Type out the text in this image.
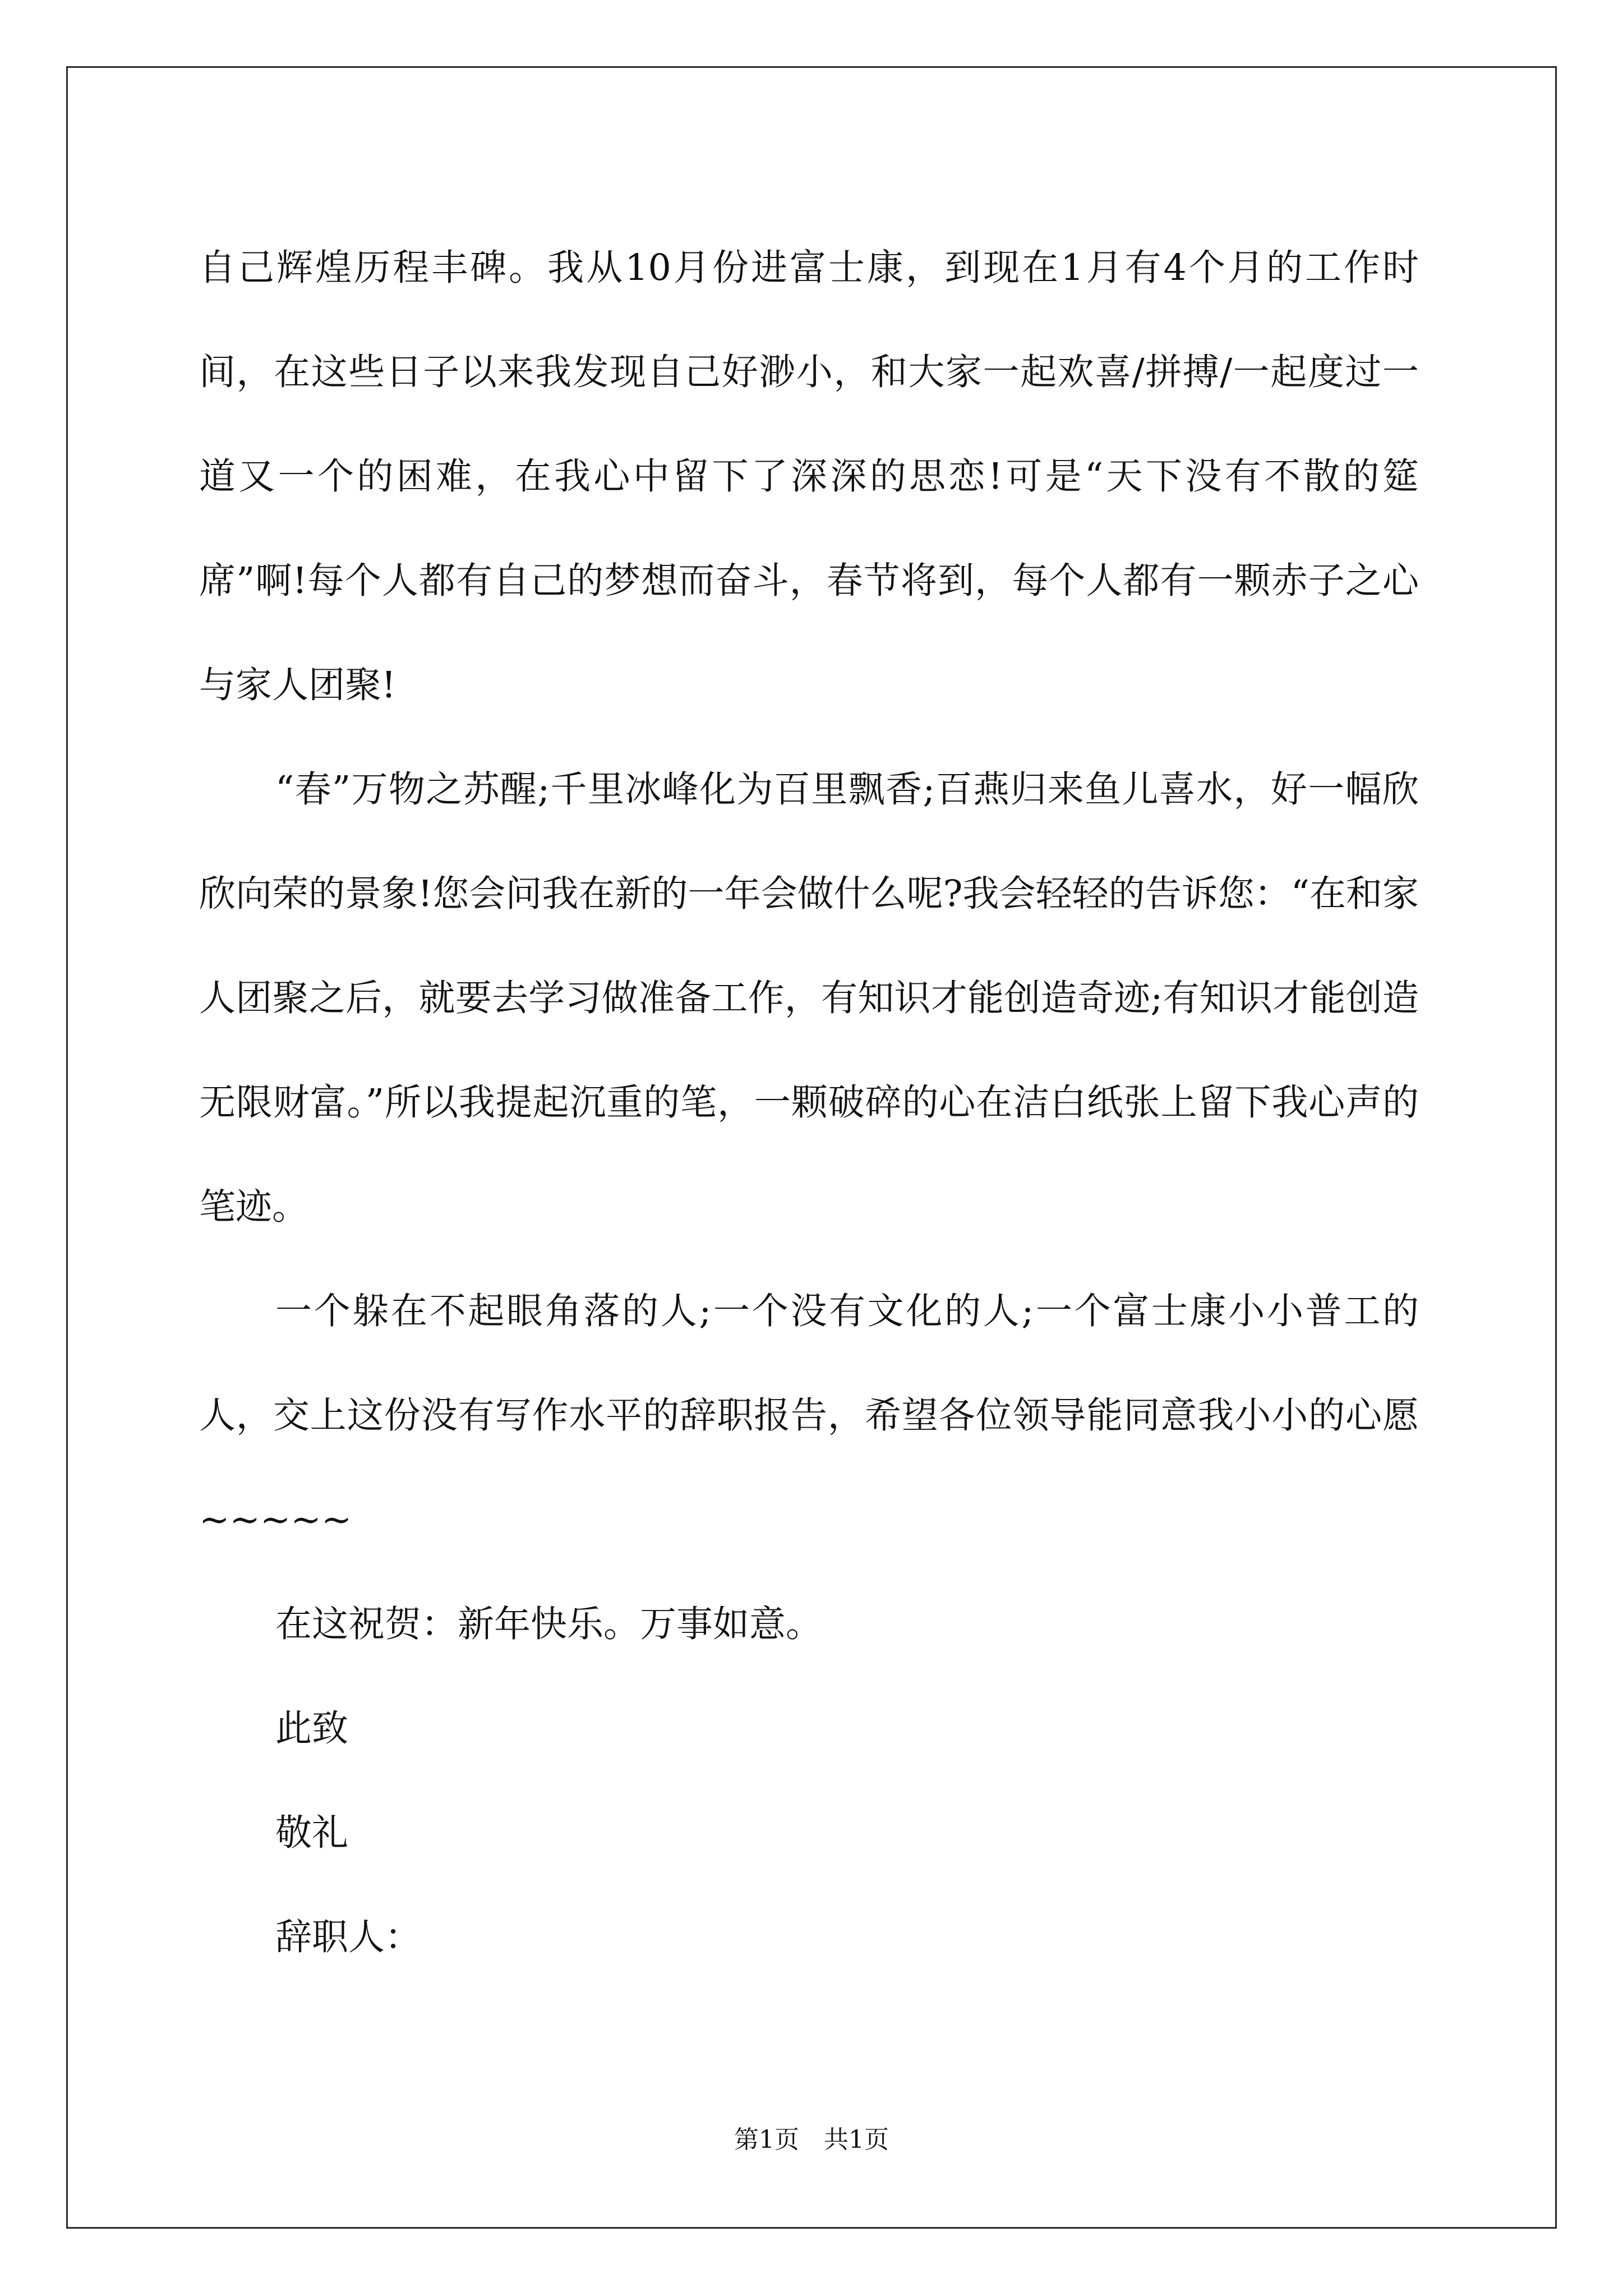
自己辉煌历程丰碑。我从10月份进富士康，到现在1月有4个月的工作时间，在这些日子以来我发现自己好渺小，和大家一起欢喜/拼搏/一起度过一道又一个的困难，在我心中留下了深深的思恋!可是“天下没有不散的筵席”啊!每个人都有自己的梦想而奋斗，春节将到，每个人都有一颗赤子之心与家人团聚!

“春”万物之苏醒;千里冰峰化为百里飘香;百燕归来鱼儿喜水，好一幅欣欣向荣的景象!您会问我在新的一年会做什么呢?我会轻轻的告诉您：“在和家人团聚之后，就要去学习做准备工作，有知识才能创造奇迹;有知识才能创造无限财富。”所以我提起沉重的笔，一颗破碎的心在洁白纸张上留下我心声的笔迹。

一个躲在不起眼角落的人;一个没有文化的人;一个富士康小小普工的人，交上这份没有写作水平的辞职报告，希望各位领导能同意我小小的心愿~~~~~

在这祝贺：新年快乐。万事如意。

此致

敬礼

辞职人：

第1页　共1页
